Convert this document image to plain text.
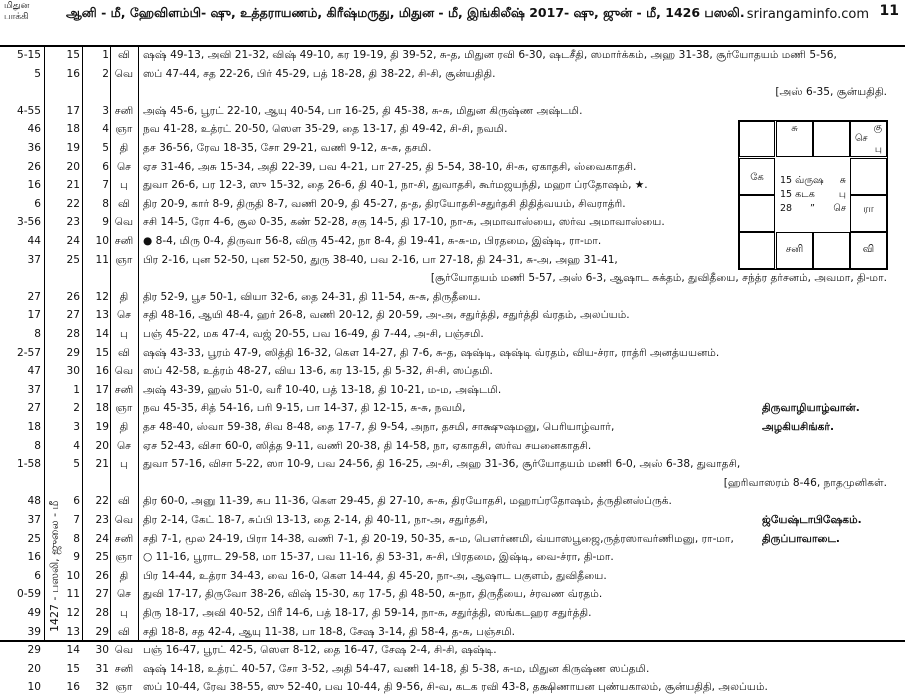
மிதுன
பாக்கி	ஆனி - மீ, ஹேவிளம்பி- ஷு, உத்தராயணம், கிரீஷ்மருது, மிதுன - மீ, இங்கிலீஷ் 2017- ஷு, ஜுன் - மீ, 1426 பஸலி. srirangaminfo.com 11
1427 - பஸலி, ஜுலை - மீ
5-15	15	1 வி	ஷஷ் 49-13, அவி 21-32, விஷ் 49-10, கர 19-19, தி 39-52, சு-த, மிதுன ரவி 6-30, ஷடசீதி, ஸமார்க்கம், அஹ 31-38, சூர்யோதயம் மணி 5-56,
5	16	2 வெ ஸப் 47-44, சத 22-26, பிர் 45-29, பத் 18-28, தி 38-22, சி-சி, சூன்யதிதி.
[அஸ் 6-35, சூன்யதிதி.
4-55	17	3 சனி அஷ் 45-6, பூரட் 22-10, ஆயு 40-54, பா 16-25, தி 45-38, சு-சு, மிதுன கிருஷ்ண அஷ்டமி.
46	18	4 ஞா நவ 41-28, உத்ரட் 20-50, ஸௌ 35-29, தை 13-17, தி 49-42, சி-சி, நவமி.
36	19	5	தி	தச 36-56, ரேவ 18-35, சோ 29-21, வணி 9-12, சு-சு, தசமி.
26	20	6 செ	ஏச 31-46, அசு 15-34, அதி 22-39, பவ 4-21, பா 27-25, தி 5-54, 38-10, சி-சு, ஏகாதசி, ஸ்வைகாதசி.
16	21	7	பு	துவா 26-6, பர 12-3, ஸு 15-32, தை 26-6, தி 40-1, நா-சி, துவாதசி, கூர்மஜயந்தி, மஹா ப்ரதோஷம், ★.
6	22	8 வி	திர 20-9, கார் 8-9, திருதி 8-7, வணி 20-9, தி 45-27, த-த, திரயோதசி-சதுர்தசி திதித்வயம், சிவராத்ரி.
3-56	23	9 வெ சசி 14-5, ரோ 4-6, சூல 0-35, கண் 52-28, சகு 14-5, தி 17-10, நா-சு, அமாவாஸ்யை, ஸர்வ அமாவாஸ்யை.
44	24	10 சனி ● 8-4, மிரு 0-4, திருவா 56-8, விரு 45-42, நா 8-4, தி 19-41, சு-சு-ம, பிரதமை, இஷ்டி, ரா-மா.
37	25	11 ஞா பிர 2-16, புன 52-50, புன 52-50, துரு 38-40, பவ 2-16, பா 27-18, தி 24-31, சு-அ, அஹ 31-41,
[சூர்யோதயம் மணி 5-57, அஸ் 6-3, ஆஷாட சுக்தம், துவிதீயை, சந்த்ர தர்சனம், அவமா, தி-மா.
27	26	12	தி	திர 52-9, பூச 50-1, வியா 32-6, தை 24-31, தி 11-54, சு-சு, திருதீயை.
17	27	13 செ	சதி 48-16, ஆயி 48-4, ஹர் 26-8, வணி 20-12, தி 20-59, அ-அ, சதுர்த்தி, சதுர்த்தி வ்ரதம், அலப்யம்.
8	28	14	பு	பஞ் 45-22, மக 47-4, வஜ் 20-55, பவ 16-49, தி 7-44, அ-சி, பஞ்சமி.
2-57	29	15 வி	ஷஷ் 43-33, பூரம் 47-9, ஸித்தி 16-32, கௌ 14-27, தி 7-6, சு-த, ஷஷ்டி, ஷஷ்டி வ்ரதம், விய-ச்ரா, ராத்ரி அனத்யயனம்.
47	30	16 வெ ஸப் 42-58, உத்ரம் 48-27, விய 13-6, கர 13-15, தி 5-32, சி-சி, ஸப்தமி.
37	1	17 சனி அஷ் 43-39, ஹஸ் 51-0, வரீ 10-40, பத் 13-18, தி 10-21, ம-ம, அஷ்டமி.
27	2	18 ஞா நவ 45-35, சித் 54-16, பரி 9-15, பா 14-37, தி 12-15, சு-சு, நவமி,	திருவாழியாழ்வான்.
18	3	19	தி	தச 48-40, ஸ்வா 59-38, சிவ 8-48, தை 17-7, தி 9-54, அநா, தசமி, சாக்ஷுஷமனு, பெரியாழ்வார்,	அழகியசிங்கர்.
8	4	20 செ	ஏச 52-43, விசா 60-0, ஸித்த 9-11, வணி 20-38, தி 14-58, நா, ஏகாதசி, ஸர்வ சயனைகாதசி.
1-58	5	21	பு	துவா 57-16, விசா 5-22, ஸா 10-9, பவ 24-56, தி 16-25, அ-சி, அஹ 31-36, சூர்யோதயம் மணி 6-0, அஸ் 6-38, துவாதசி,
[ஹரிவாஸரம் 8-46, நாதமுனிகள்.
48	6	22 வி	திர 60-0, அனு 11-39, சுப 11-36, கௌ 29-45, தி 27-10, சு-சு, திரயோதசி, மஹாப்ரதோஷம், த்ருதினஸ்ப்ருக்.
37	7	23 வெ திர 2-14, கேட் 18-7, சுப்பி 13-13, தை 2-14, தி 40-11, நா-அ, சதுர்தசி,	ஜ்யேஷ்டாபிஷேகம்.
25	8	24 சனி சதி 7-1, மூல 24-19, பிரா 14-38, வணி 7-1, தி 20-19, 50-35, சு-ம, பௌர்ணமி, வ்யாஸபூஜை,ருத்ரஸாவர்ணிமனு, ரா-மா,	திருப்பாவாடை.
16	9	25 ஞா ○ 11-16, பூராட 29-58, மா 15-37, பவ 11-16, தி 53-31, சு-சி, பிரதமை, இஷ்டி, வை-ச்ரா, தி-மா.
6	10	26	தி	பிர 14-44, உத்ரா 34-43, வை 16-0, கௌ 14-44, தி 45-20, நா-அ, ஆஷாட பகுளம், துவிதீயை.
0-59	11	27 செ	துவி 17-17, திருவோ 38-26, விஷ் 15-30, கர 17-5, தி 48-50, சு-நா, திருதீயை, ச்ரவண வ்ரதம்.
49	12	28	பு	திரு 18-17, அவி 40-52, பிரீ 14-6, பத் 18-17, தி 59-14, நா-சு, சதுர்த்தி, ஸங்கடஹர சதுர்த்தி.
39	13	29 வி	சதி 18-8, சத 42-4, ஆயு 11-38, பா 18-8, சேஷ 3-14, தி 58-4, த-சு, பஞ்சமி.
29	14	30 வெ பஞ் 16-47, பூரட் 42-5, ஸௌ 8-12, தை 16-47, சேஷ 2-4, சி-சி, ஷஷ்டி.
20	15	31 சனி ஷஷ் 14-18, உத்ரட் 40-57, சோ 3-52, அதி 54-47, வணி 14-18, தி 5-38, சு-ம, மிதுன கிருஷ்ண ஸப்தமி.
10	16	32 ஞா ஸப் 10-44, ரேவ 38-55, ஸு 52-40, பவ 10-44, தி 9-56, சி-வ, கடக ரவி 43-8, தக்ஷிணாயன புண்யகாலம், சூன்யதிதி, அலப்யம்.
சு	கு
செ
பு
கே
ரா
சனி	வி
15 வ்ருஷ சு
15 கடக	பு
28 ” செ
